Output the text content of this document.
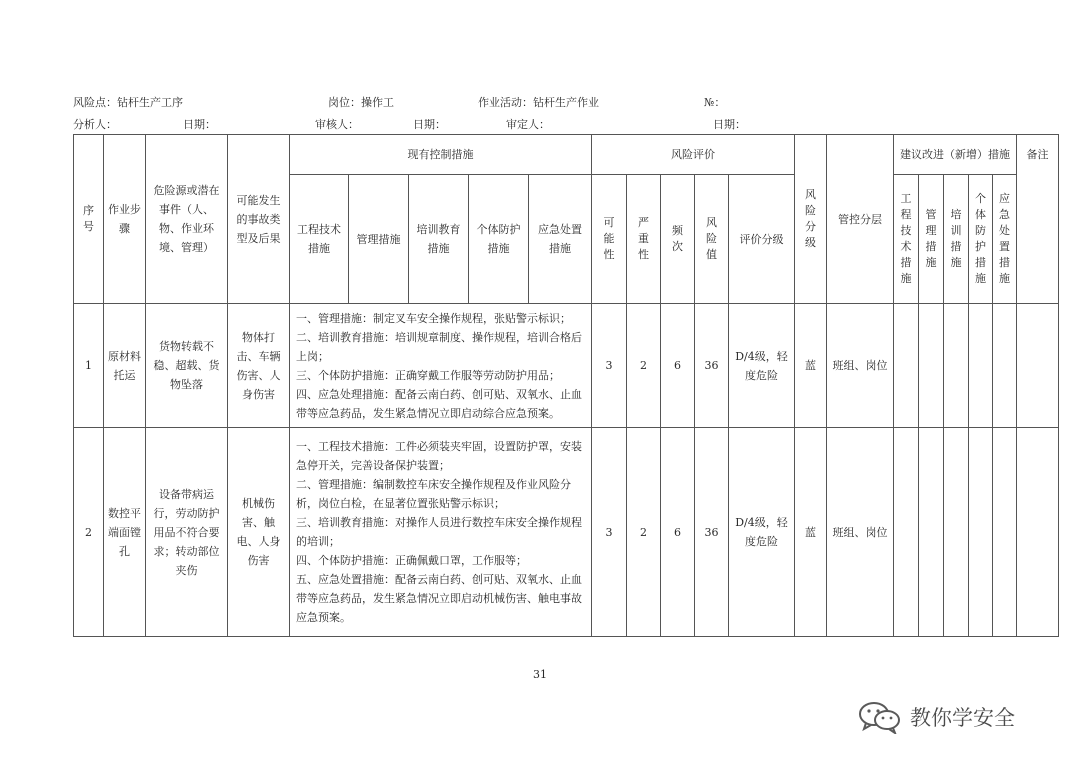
风险点：钻杆生产工序	岗位：操作工	作业活动：钻杆生产作业	№：
分析人：	日期：	审核人：	日期：	审定人：	日期：
序号	作业步骤	危险源或潜在事件（人、物、作业环境、管理）	可能发生的事故类型及后果	现有控制措施					风险评价					风险分级	管控分层	建议改进（新增）措施					备注

				工程技术措施	管理措施	培训教育措施	个体防护措施	应急处置措施	可能性	严重性	频次	风险值	评价分级			工程技术措施	管理措施	培训措施	个体防护措施	应急处置措施	
1	原材料托运	货物转载不稳、超载、货物坠落	物体打击、车辆伤害、人身伤害	一、管理措施：制定叉车安全操作规程，张贴警示标识；
二、培训教育措施：培训规章制度、操作规程，培训合格后上岗；
三、个体防护措施：正确穿戴工作服等劳动防护用品；
四、应急处理措施：配备云南白药、创可贴、双氧水、止血带等应急药品，发生紧急情况立即启动综合应急预案。					3	2	6	36	D/4级，轻度危险	蓝	班组、岗位						
2	数控平端面镗孔	设备带病运行，劳动防护用品不符合要求；转动部位夹伤	机械伤害、触电、人身伤害	一、工程技术措施：工件必须装夹牢固，设置防护罩，安装急停开关，完善设备保护装置；
二、管理措施：编制数控车床安全操作规程及作业风险分析，岗位白检，在显著位置张贴警示标识；
三、培训教育措施：对操作人员进行数控车床安全操作规程的培训；
四、个体防护措施：正确佩戴口罩，工作服等；
五、应急处置措施：配备云南白药、创可贴、双氧水、止血带等应急药品，发生紧急情况立即启动机械伤害、触电事故应急预案。					3	2	6	36	D/4级，轻度危险	蓝	班组、岗位						
31
教你学安全
